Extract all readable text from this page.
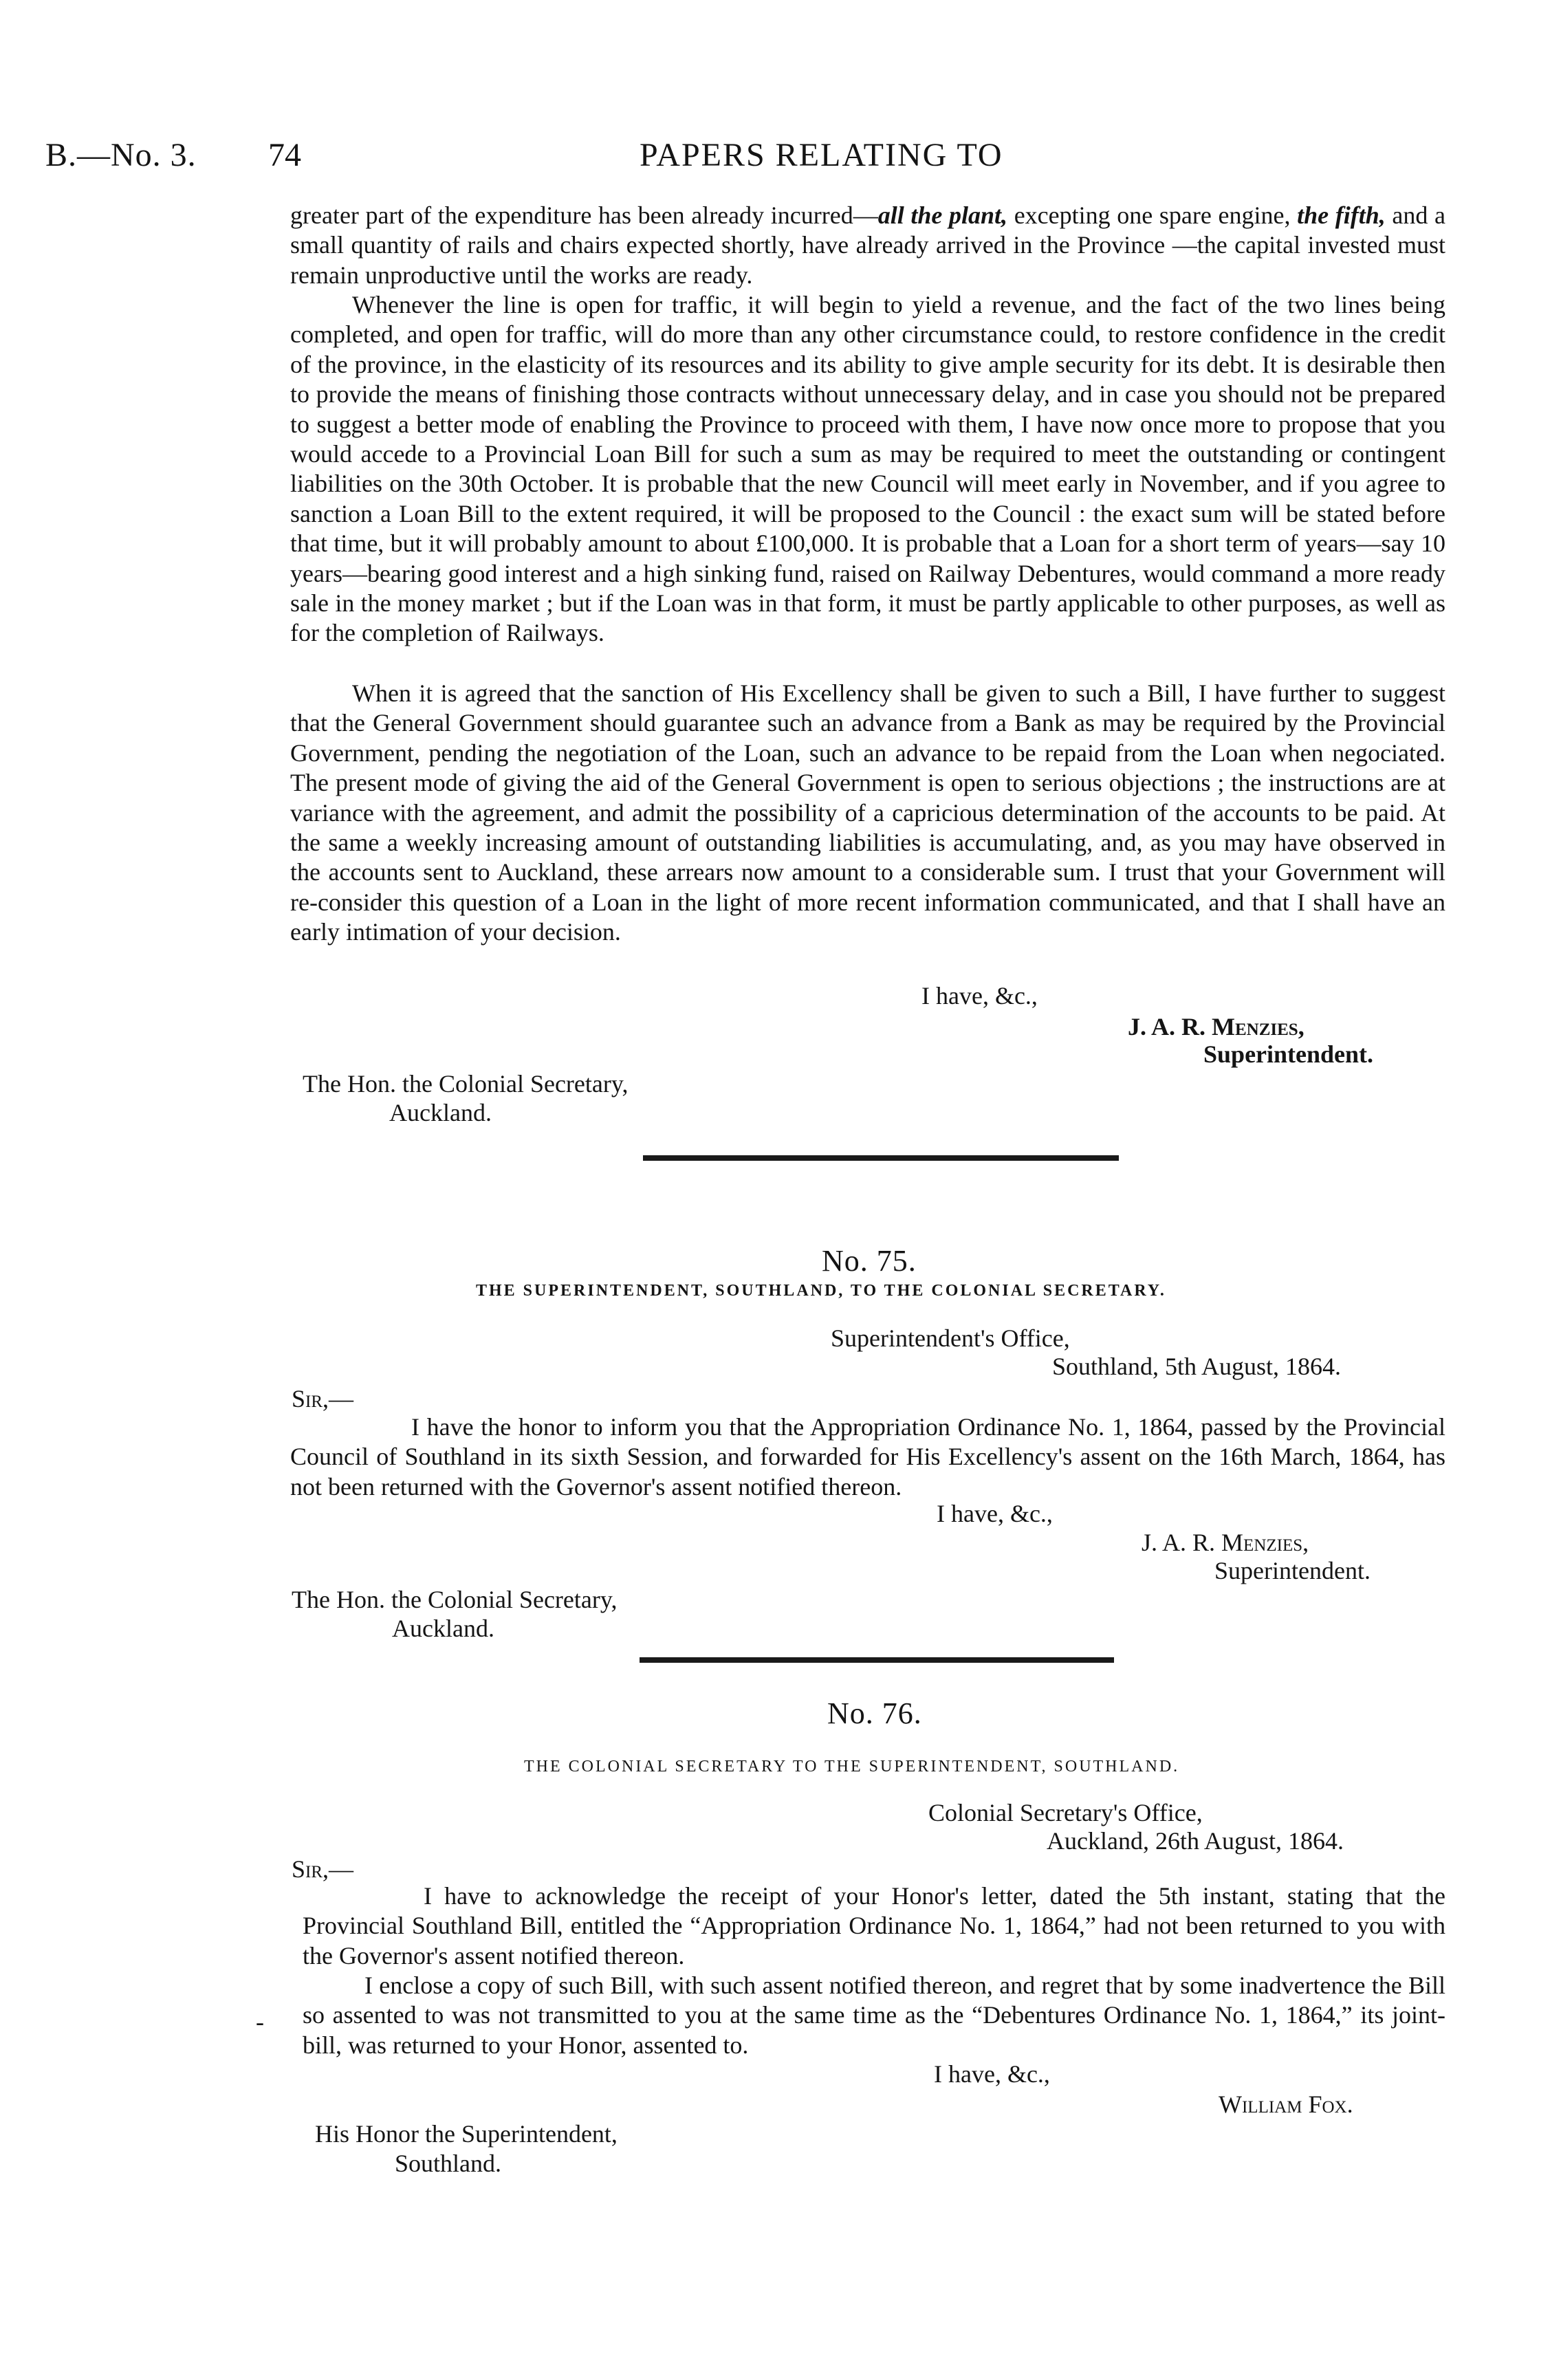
B.—No. 3. 74	PAPERS RELATING TO

greater part of the expenditure has been already incurred—all the plant, excepting one spare engine, the fifth, and a small quantity of rails and chairs expected shortly, have already arrived in the Province —the capital invested must remain unproductive until the works are ready.

Whenever the line is open for traffic, it will begin to yield a revenue, and the fact of the two lines being completed, and open for traffic, will do more than any other circumstance could, to restore confidence in the credit of the province, in the elasticity of its resources and its ability to give ample security for its debt. It is desirable then to provide the means of finishing those contracts without unnecessary delay, and in case you should not be prepared to suggest a better mode of enabling the Province to proceed with them, I have now once more to propose that you would accede to a Provincial Loan Bill for such a sum as may be required to meet the outstanding or contingent liabilities on the 30th October. It is probable that the new Council will meet early in November, and if you agree to sanction a Loan Bill to the extent required, it will be proposed to the Council : the exact sum will be stated before that time, but it will probably amount to about £100,000. It is probable that a Loan for a short term of years—say 10 years—bearing good interest and a high sinking fund, raised on Railway Debentures, would command a more ready sale in the money market ; but if the Loan was in that form, it must be partly applicable to other purposes, as well as for the completion of Railways.

When it is agreed that the sanction of His Excellency shall be given to such a Bill, I have further to suggest that the General Government should guarantee such an advance from a Bank as may be required by the Provincial Government, pending the negotiation of the Loan, such an advance to be repaid from the Loan when negociated. The present mode of giving the aid of the General Government is open to serious objections ; the instructions are at variance with the agreement, and admit the possibility of a capricious determination of the accounts to be paid. At the same a weekly increasing amount of outstanding liabilities is accumulating, and, as you may have observed in the accounts sent to Auckland, these arrears now amount to a considerable sum. I trust that your Government will re-consider this question of a Loan in the light of more recent information communicated, and that I shall have an early intimation of your decision.

I have, &c.,
J. A. R. Menzies,
Superintendent.
The Hon. the Colonial Secretary,
Auckland.
No. 75.
THE SUPERINTENDENT, SOUTHLAND, TO THE COLONIAL SECRETARY.
Superintendent's Office,
Southland, 5th August, 1864.
Sir,—

I have the honor to inform you that the Appropriation Ordinance No. 1, 1864, passed by the Provincial Council of Southland in its sixth Session, and forwarded for His Excellency's assent on the 16th March, 1864, has not been returned with the Governor's assent notified thereon.

I have, &c.,
J. A. R. Menzies,
Superintendent.
The Hon. the Colonial Secretary,
Auckland.
No. 76.
THE COLONIAL SECRETARY TO THE SUPERINTENDENT, SOUTHLAND.
Colonial Secretary's Office,
Auckland, 26th August, 1864.
Sir,—

I have to acknowledge the receipt of your Honor's letter, dated the 5th instant, stating that the Provincial Southland Bill, entitled the “Appropriation Ordinance No. 1, 1864,” had not been returned to you with the Governor's assent notified thereon.

I enclose a copy of such Bill, with such assent notified thereon, and regret that by some inadvertence the Bill so assented to was not transmitted to you at the same time as the “Debentures Ordinance No. 1, 1864,” its joint-bill, was returned to your Honor, assented to.

-
I have, &c.,
William Fox.
His Honor the Superintendent,
Southland.
